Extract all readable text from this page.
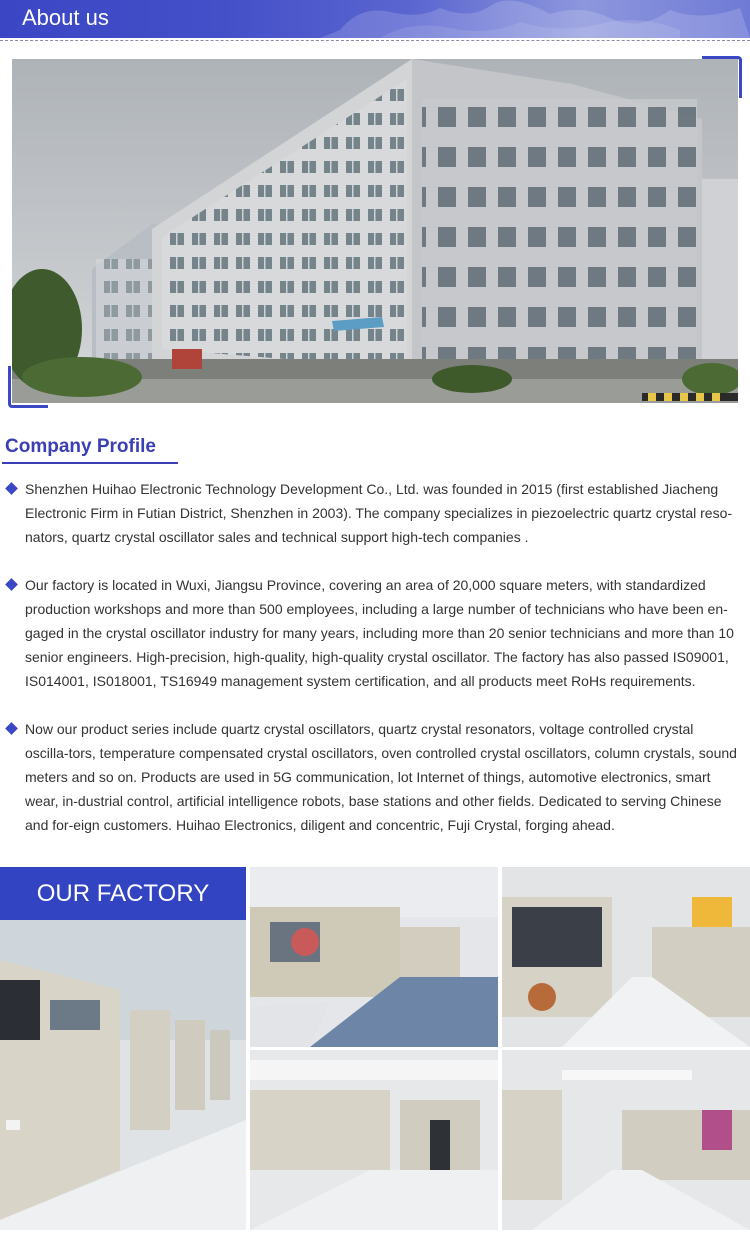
About us
Company Profile
Shenzhen Huihao Electronic Technology Development Co., Ltd. was founded in 2015 (first established Jiacheng Electronic Firm in Futian District, Shenzhen in 2003). The company specializes in piezoelectric quartz crystal reso-nators, quartz crystal oscillator sales and technical support high-tech companies .
Our factory is located in Wuxi, Jiangsu Province, covering an area of 20,000 square meters, with standardized production workshops and more than 500 employees, including a large number of technicians who have been en-gaged in the crystal oscillator industry for many years, including more than 20 senior technicians and more than 10 senior engineers. High-precision, high-quality, high-quality crystal oscillator. The factory has also passed IS09001, IS014001, IS018001, TS16949 management system certification, and all products meet RoHs requirements.
Now our product series include quartz crystal oscillators, quartz crystal resonators, voltage controlled crystal oscilla-tors, temperature compensated crystal oscillators, oven controlled crystal oscillators, column crystals, sound meters and so on. Products are used in 5G communication, lot Internet of things, automotive electronics, smart wear, in-dustrial control, artificial intelligence robots, base stations and other fields. Dedicated to serving Chinese and for-eign customers. Huihao Electronics, diligent and concentric, Fuji Crystal, forging ahead.
OUR FACTORY
